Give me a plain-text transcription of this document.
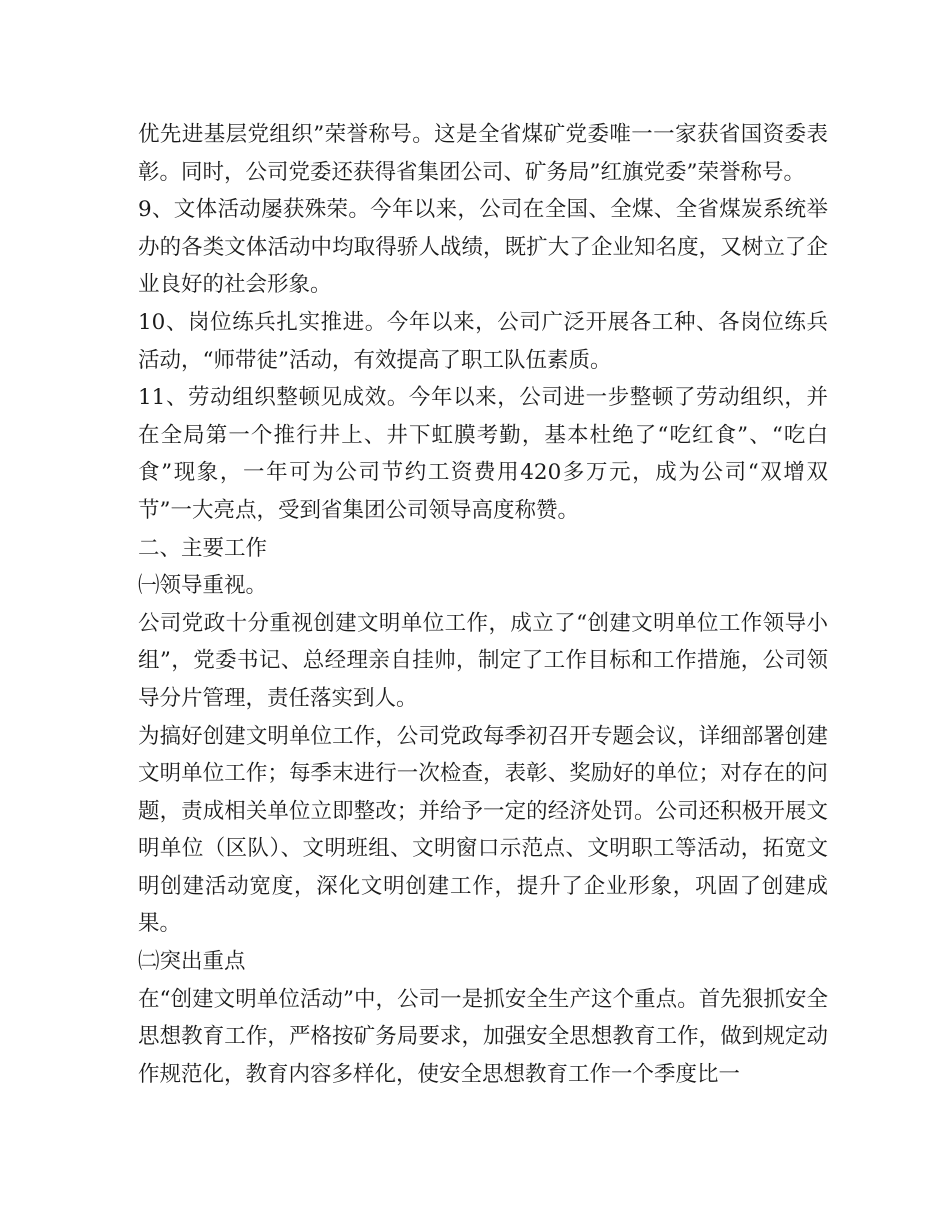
优先进基层党组织”荣誉称号。这是全省煤矿党委唯一一家获省国资委表彰。同时，公司党委还获得省集团公司、矿务局”红旗党委”荣誉称号。

9、文体活动屡获殊荣。今年以来，公司在全国、全煤、全省煤炭系统举办的各类文体活动中均取得骄人战绩，既扩大了企业知名度，又树立了企业良好的社会形象。

10、岗位练兵扎实推进。今年以来，公司广泛开展各工种、各岗位练兵活动，“师带徒”活动，有效提高了职工队伍素质。

11、劳动组织整顿见成效。今年以来，公司进一步整顿了劳动组织，并在全局第一个推行井上、井下虹膜考勤，基本杜绝了“吃红食”、“吃白食”现象，一年可为公司节约工资费用420多万元，成为公司“双增双节”一大亮点，受到省集团公司领导高度称赞。

二、主要工作

㈠领导重视。

公司党政十分重视创建文明单位工作，成立了“创建文明单位工作领导小组”，党委书记、总经理亲自挂帅，制定了工作目标和工作措施，公司领导分片管理，责任落实到人。

为搞好创建文明单位工作，公司党政每季初召开专题会议，详细部署创建文明单位工作；每季末进行一次检查，表彰、奖励好的单位；对存在的问题，责成相关单位立即整改；并给予一定的经济处罚。公司还积极开展文明单位（区队）、文明班组、文明窗口示范点、文明职工等活动，拓宽文明创建活动宽度，深化文明创建工作，提升了企业形象，巩固了创建成果。

㈡突出重点

在“创建文明单位活动”中，公司一是抓安全生产这个重点。首先狠抓安全思想教育工作，严格按矿务局要求，加强安全思想教育工作，做到规定动作规范化，教育内容多样化，使安全思想教育工作一个季度比一
